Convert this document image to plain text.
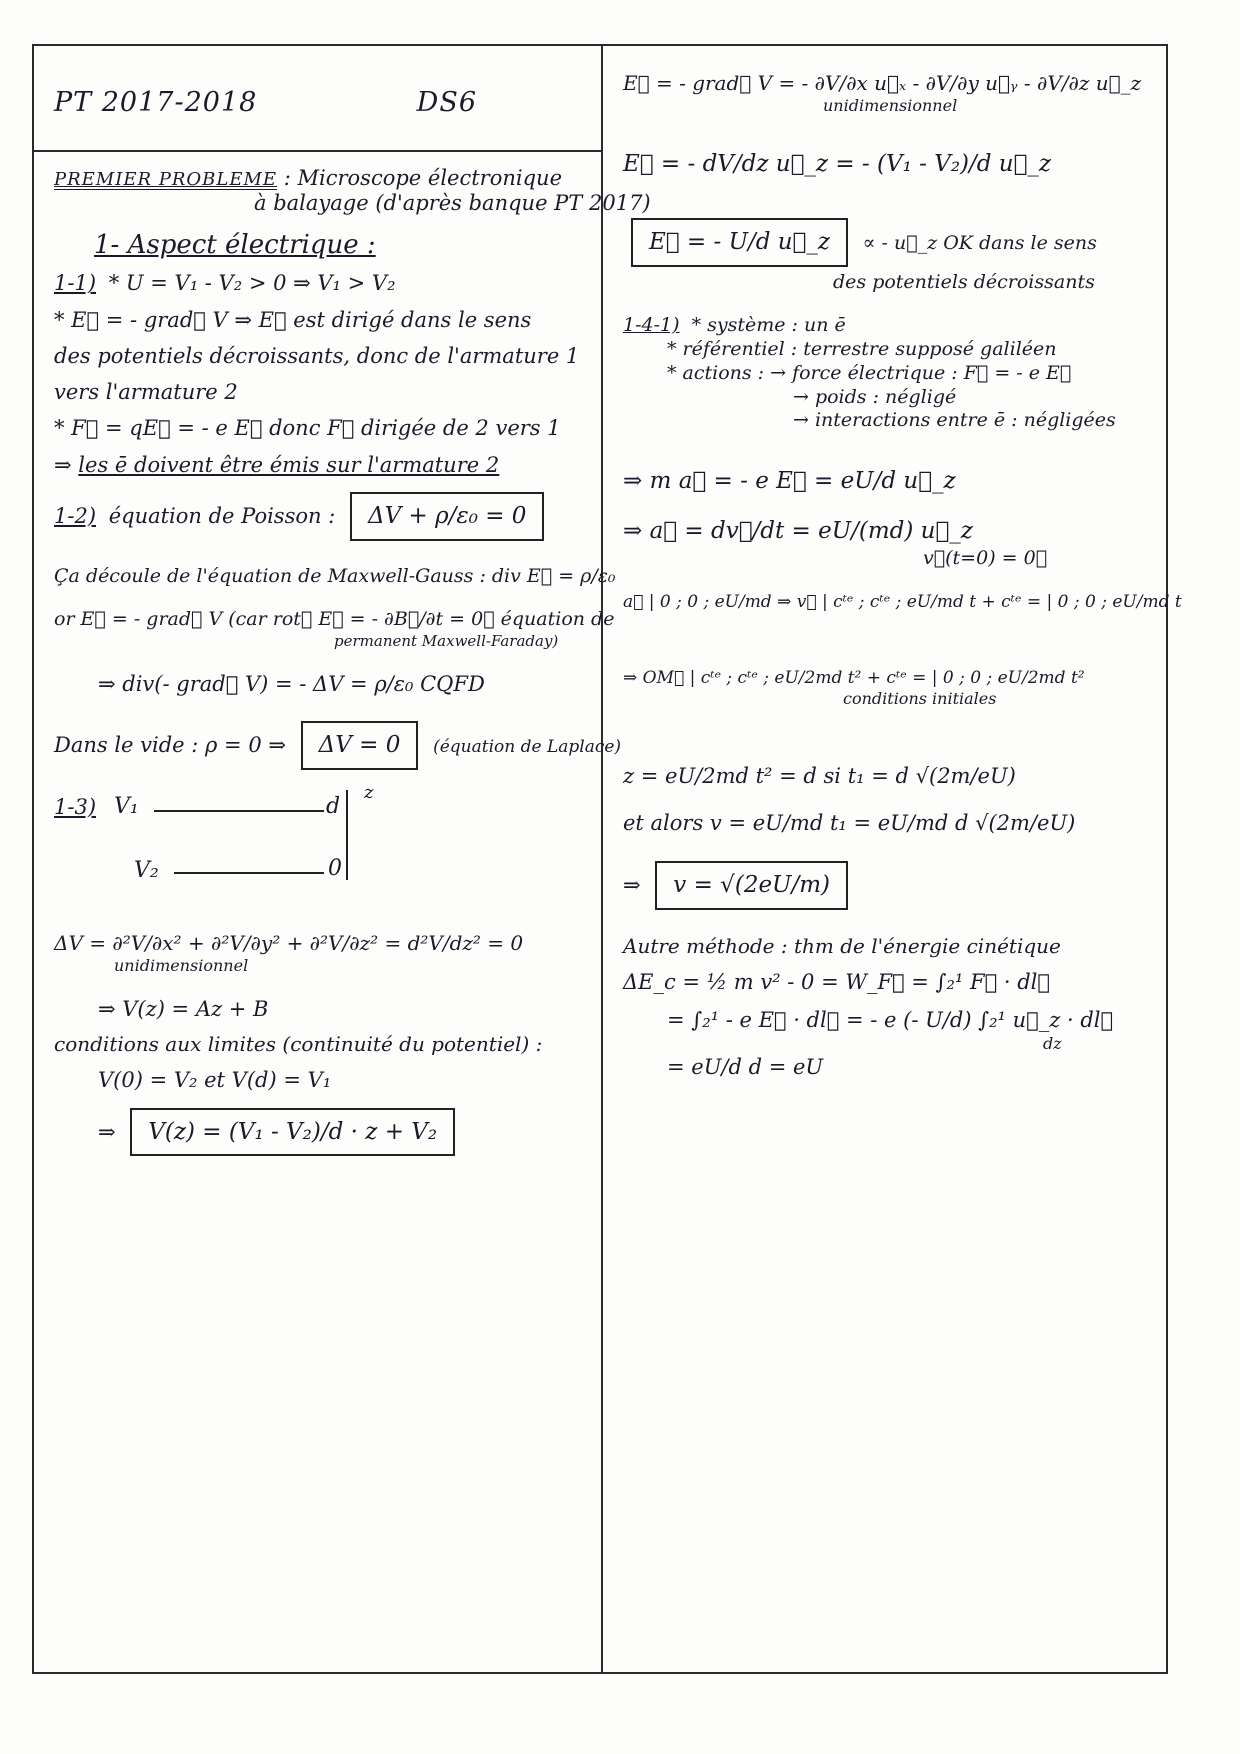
PT 2017-2018	DS6
PREMIER PROBLEME : Microscope électronique
à balayage (d'après banque PT 2017)
1- Aspect électrique :
1-1) * U = V₁ - V₂ > 0 ⇒ V₁ > V₂
* E⃗ = - grad⃗ V ⇒ E⃗ est dirigé dans le sens
des potentiels décroissants, donc de l'armature 1
vers l'armature 2
* F⃗ = qE⃗ = - e E⃗ donc F⃗ dirigée de 2 vers 1
⇒ les ē doivent être émis sur l'armature 2
1-2) équation de Poisson : ΔV + ρ/ε₀ = 0
Ça découle de l'équation de Maxwell-Gauss : div E⃗ = ρ/ε₀
or E⃗ = - grad⃗ V (car rot⃗ E⃗ = - ∂B⃗/∂t = 0⃗ équation de
permanent Maxwell-Faraday)
⇒ div(- grad⃗ V) = - ΔV = ρ/ε₀ CQFD
Dans le vide : ρ = 0 ⇒ ΔV = 0 (équation de Laplace)
1-3) V₁	d
z
V₂	0
ΔV = ∂²V/∂x² + ∂²V/∂y² + ∂²V/∂z² = d²V/dz² = 0
unidimensionnel
⇒ V(z) = Az + B
conditions aux limites (continuité du potentiel) :
V(0) = V₂ et V(d) = V₁
⇒ V(z) = (V₁ - V₂)/d · z + V₂
E⃗ = - grad⃗ V = - ∂V/∂x u⃗ₓ - ∂V/∂y u⃗ᵧ - ∂V/∂z u⃗_z
unidimensionnel
E⃗ = - dV/dz u⃗_z = - (V₁ - V₂)/d u⃗_z
E⃗ = - U/d u⃗_z ∝ - u⃗_z OK dans le sens
des potentiels décroissants
1-4-1) * système : un ē
* référentiel : terrestre supposé galiléen
* actions : → force électrique : F⃗ = - e E⃗
→ poids : négligé
→ interactions entre ē : négligées
⇒ m a⃗ = - e E⃗ = eU/d u⃗_z
⇒ a⃗ = dv⃗/dt = eU/(md) u⃗_z
v⃗(t=0) = 0⃗
a⃗ | 0 ; 0 ; eU/md ⇒ v⃗ | cᵗᵉ ; cᵗᵉ ; eU/md t + cᵗᵉ = | 0 ; 0 ; eU/md t
⇒ OM⃗ | cᵗᵉ ; cᵗᵉ ; eU/2md t² + cᵗᵉ = | 0 ; 0 ; eU/2md t²
conditions initiales
z = eU/2md t² = d si t₁ = d √(2m/eU)
et alors v = eU/md t₁ = eU/md d √(2m/eU)
⇒ v = √(2eU/m)
Autre méthode : thm de l'énergie cinétique
ΔE_c = ½ m v² - 0 = W_F⃗ = ∫₂¹ F⃗ · dl⃗
= ∫₂¹ - e E⃗ · dl⃗ = - e (- U/d) ∫₂¹ u⃗_z · dl⃗
dz
= eU/d d = eU
